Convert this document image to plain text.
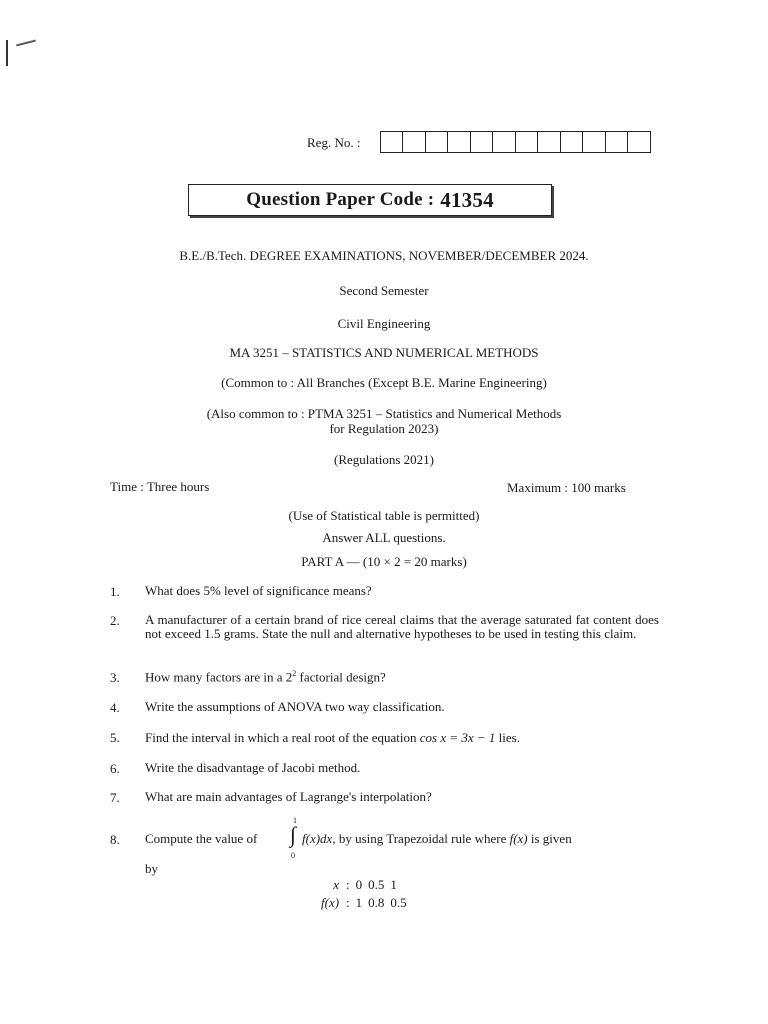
Reg. No. :
Question Paper Code : 41354
B.E./B.Tech. DEGREE EXAMINATIONS, NOVEMBER/DECEMBER 2024.
Second Semester
Civil Engineering
MA 3251 – STATISTICS AND NUMERICAL METHODS
(Common to : All Branches (Except B.E. Marine Engineering)
(Also common to : PTMA 3251 – Statistics and Numerical Methods
for Regulation 2023)
(Regulations 2021)
Time : Three hours	Maximum : 100 marks
(Use of Statistical table is permitted)
Answer ALL questions.
PART A — (10 × 2 = 20 marks)
1. What does 5% level of significance means?
2. A manufacturer of a certain brand of rice cereal claims that the average saturated fat content does not exceed 1.5 grams. State the null and alternative hypotheses to be used in testing this claim.
3. How many factors are in a $2^2$ factorial design?
4. Write the assumptions of ANOVA two way classification.
5. Find the interval in which a real root of the equation cos x = 3x − 1 lies.
6. Write the disadvantage of Jacobi method.
7. What are main advantages of Lagrange's interpolation?
8. Compute the value of
1
∫
0
f(x)dx, by using Trapezoidal rule where f(x) is given
by
x	:	0	0.5	1
f(x)	:	1	0.8	0.5
